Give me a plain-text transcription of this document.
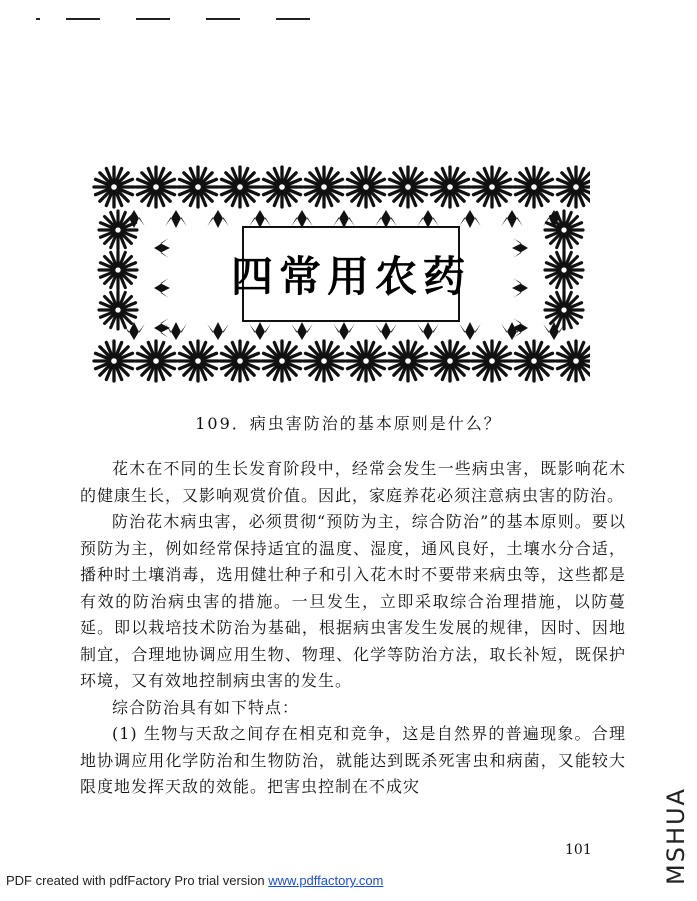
四常用农药
109．病虫害防治的基本原则是什么？

花木在不同的生长发育阶段中，经常会发生一些病虫害，既影响花木的健康生长，又影响观赏价值。因此，家庭养花必须注意病虫害的防治。

防治花木病虫害，必须贯彻“预防为主，综合防治”的基本原则。要以预防为主，例如经常保持适宜的温度、湿度，通风良好，土壤水分合适，播种时土壤消毒，选用健壮种子和引入花木时不要带来病虫等，这些都是有效的防治病虫害的措施。一旦发生，立即采取综合治理措施，以防蔓延。即以栽培技术防治为基础，根据病虫害发生发展的规律，因时、因地制宜，合理地协调应用生物、物理、化学等防治方法，取长补短，既保护环境，又有效地控制病虫害的发生。

综合防治具有如下特点：

(1) 生物与天敌之间存在相克和竞争，这是自然界的普遍现象。合理地协调应用化学防治和生物防治，就能达到既杀死害虫和病菌，又能较大限度地发挥天敌的效能。把害虫控制在不成灾

101
PDF created with pdfFactory Pro trial version www.pdffactory.com	MSHUA
